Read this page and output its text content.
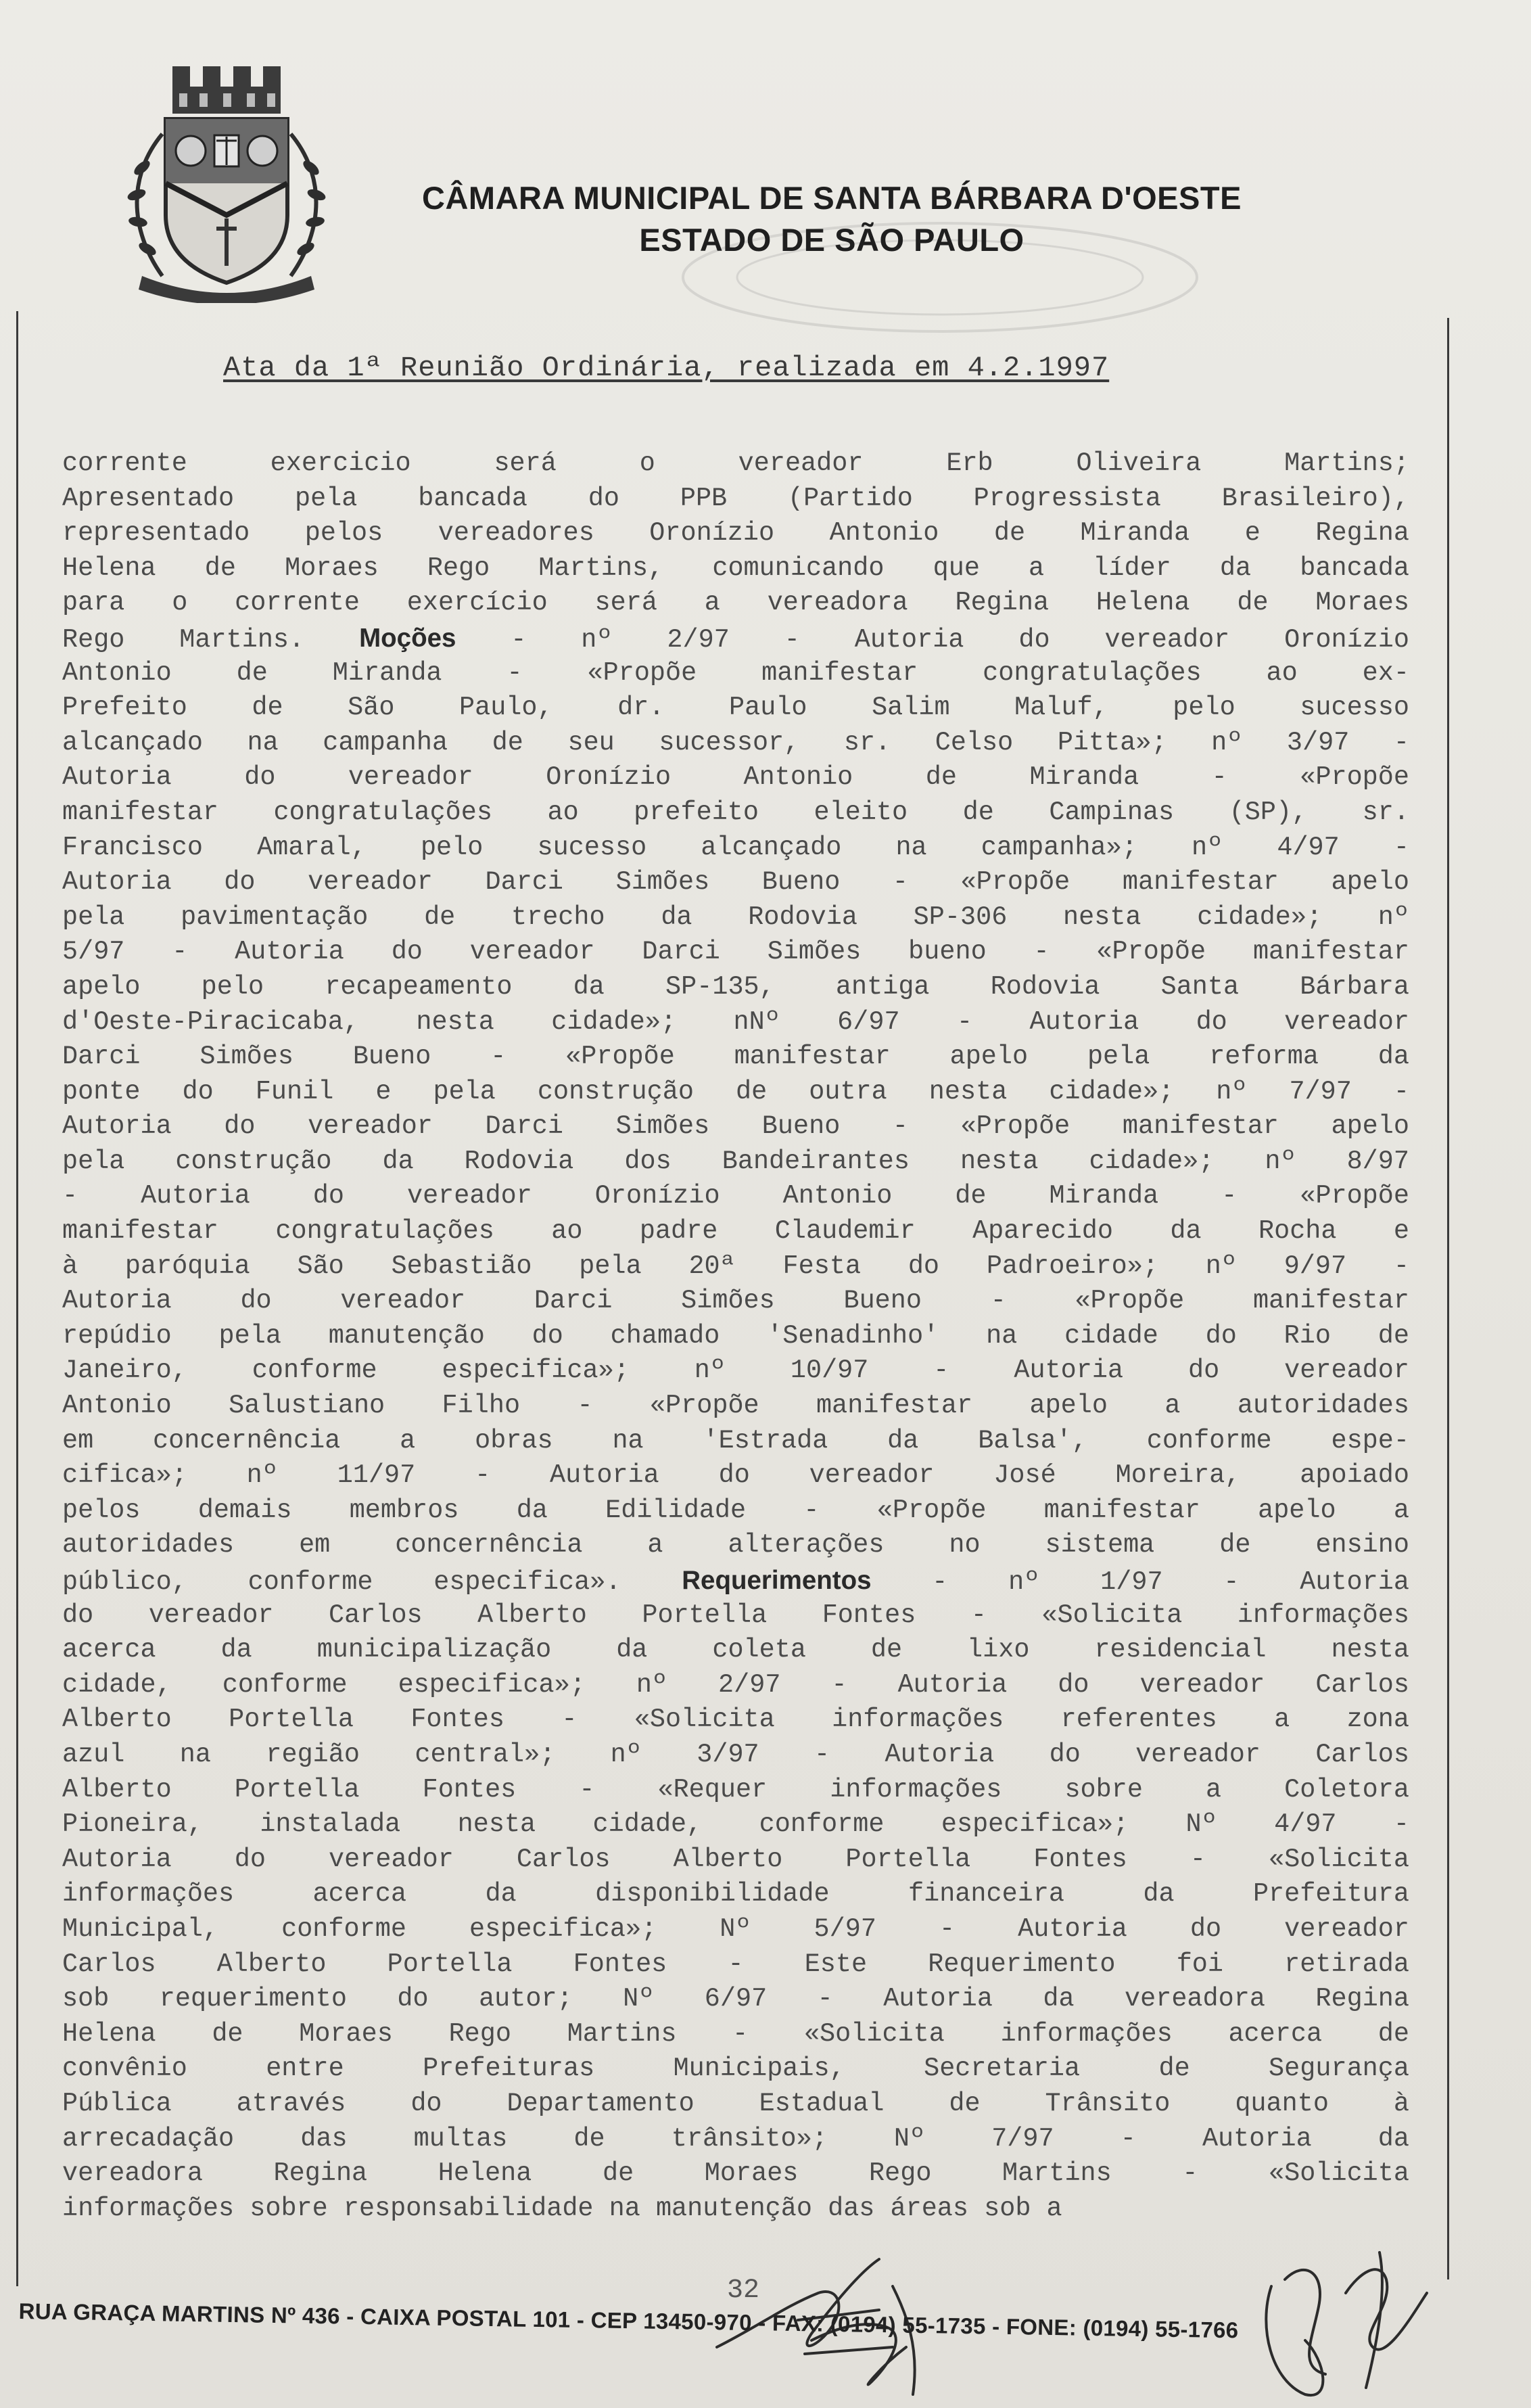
CÂMARA MUNICIPAL DE SANTA BÁRBARA D'OESTE
ESTADO DE SÃO PAULO
Ata da 1ª Reunião Ordinária, realizada em 4.2.1997
corrente exercicio será o vereador Erb Oliveira Martins;
Apresentado pela bancada do PPB (Partido Progressista Brasileiro),
representado pelos vereadores Oronízio Antonio de Miranda e Regina
Helena de Moraes Rego Martins, comunicando que a líder da bancada
para o corrente exercício será a vereadora Regina Helena de Moraes
Rego Martins. Moções - nº 2/97 - Autoria do vereador Oronízio
Antonio de Miranda - «Propõe manifestar congratulações ao ex-
Prefeito de São Paulo, dr. Paulo Salim Maluf, pelo sucesso
alcançado na campanha de seu sucessor, sr. Celso Pitta»; nº 3/97 -
Autoria do vereador Oronízio Antonio de Miranda - «Propõe
manifestar congratulações ao prefeito eleito de Campinas (SP), sr.
Francisco Amaral, pelo sucesso alcançado na campanha»; nº 4/97 -
Autoria do vereador Darci Simões Bueno - «Propõe manifestar apelo
pela pavimentação de trecho da Rodovia SP-306 nesta cidade»; nº
5/97 - Autoria do vereador Darci Simões bueno - «Propõe manifestar
apelo pelo recapeamento da SP-135, antiga Rodovia Santa Bárbara
d'Oeste-Piracicaba, nesta cidade»; nNº 6/97 - Autoria do vereador
Darci Simões Bueno - «Propõe manifestar apelo pela reforma da
ponte do Funil e pela construção de outra nesta cidade»; nº 7/97 -
Autoria do vereador Darci Simões Bueno - «Propõe manifestar apelo
pela construção da Rodovia dos Bandeirantes nesta cidade»; nº 8/97
- Autoria do vereador Oronízio Antonio de Miranda - «Propõe
manifestar congratulações ao padre Claudemir Aparecido da Rocha e
à paróquia São Sebastião pela 20ª Festa do Padroeiro»; nº 9/97 -
Autoria do vereador Darci Simões Bueno - «Propõe manifestar
repúdio pela manutenção do chamado 'Senadinho' na cidade do Rio de
Janeiro, conforme especifica»; nº 10/97 - Autoria do vereador
Antonio Salustiano Filho - «Propõe manifestar apelo a autoridades
em concernência a obras na 'Estrada da Balsa', conforme espe-
cifica»; nº 11/97 - Autoria do vereador José Moreira, apoiado
pelos demais membros da Edilidade - «Propõe manifestar apelo a
autoridades em concernência a alterações no sistema de ensino
público, conforme especifica». Requerimentos - nº 1/97 - Autoria
do vereador Carlos Alberto Portella Fontes - «Solicita informações
acerca da municipalização da coleta de lixo residencial nesta
cidade, conforme especifica»; nº 2/97 - Autoria do vereador Carlos
Alberto Portella Fontes - «Solicita informações referentes a zona
azul na região central»; nº 3/97 - Autoria do vereador Carlos
Alberto Portella Fontes - «Requer informações sobre a Coletora
Pioneira, instalada nesta cidade, conforme especifica»; Nº 4/97 -
Autoria do vereador Carlos Alberto Portella Fontes - «Solicita
informações acerca da disponibilidade financeira da Prefeitura
Municipal, conforme especifica»; Nº 5/97 - Autoria do vereador
Carlos Alberto Portella Fontes - Este Requerimento foi retirada
sob requerimento do autor; Nº 6/97 - Autoria da vereadora Regina
Helena de Moraes Rego Martins - «Solicita informações acerca de
convênio entre Prefeituras Municipais, Secretaria de Segurança
Pública através do Departamento Estadual de Trânsito quanto à
arrecadação das multas de trânsito»; Nº 7/97 - Autoria da
vereadora Regina Helena de Moraes Rego Martins - «Solicita
informações sobre responsabilidade na manutenção das áreas sob a
32
RUA GRAÇA MARTINS Nº 436 - CAIXA POSTAL 101 - CEP 13450-970 - FAX: (0194) 55-1735 - FONE: (0194) 55-1766
